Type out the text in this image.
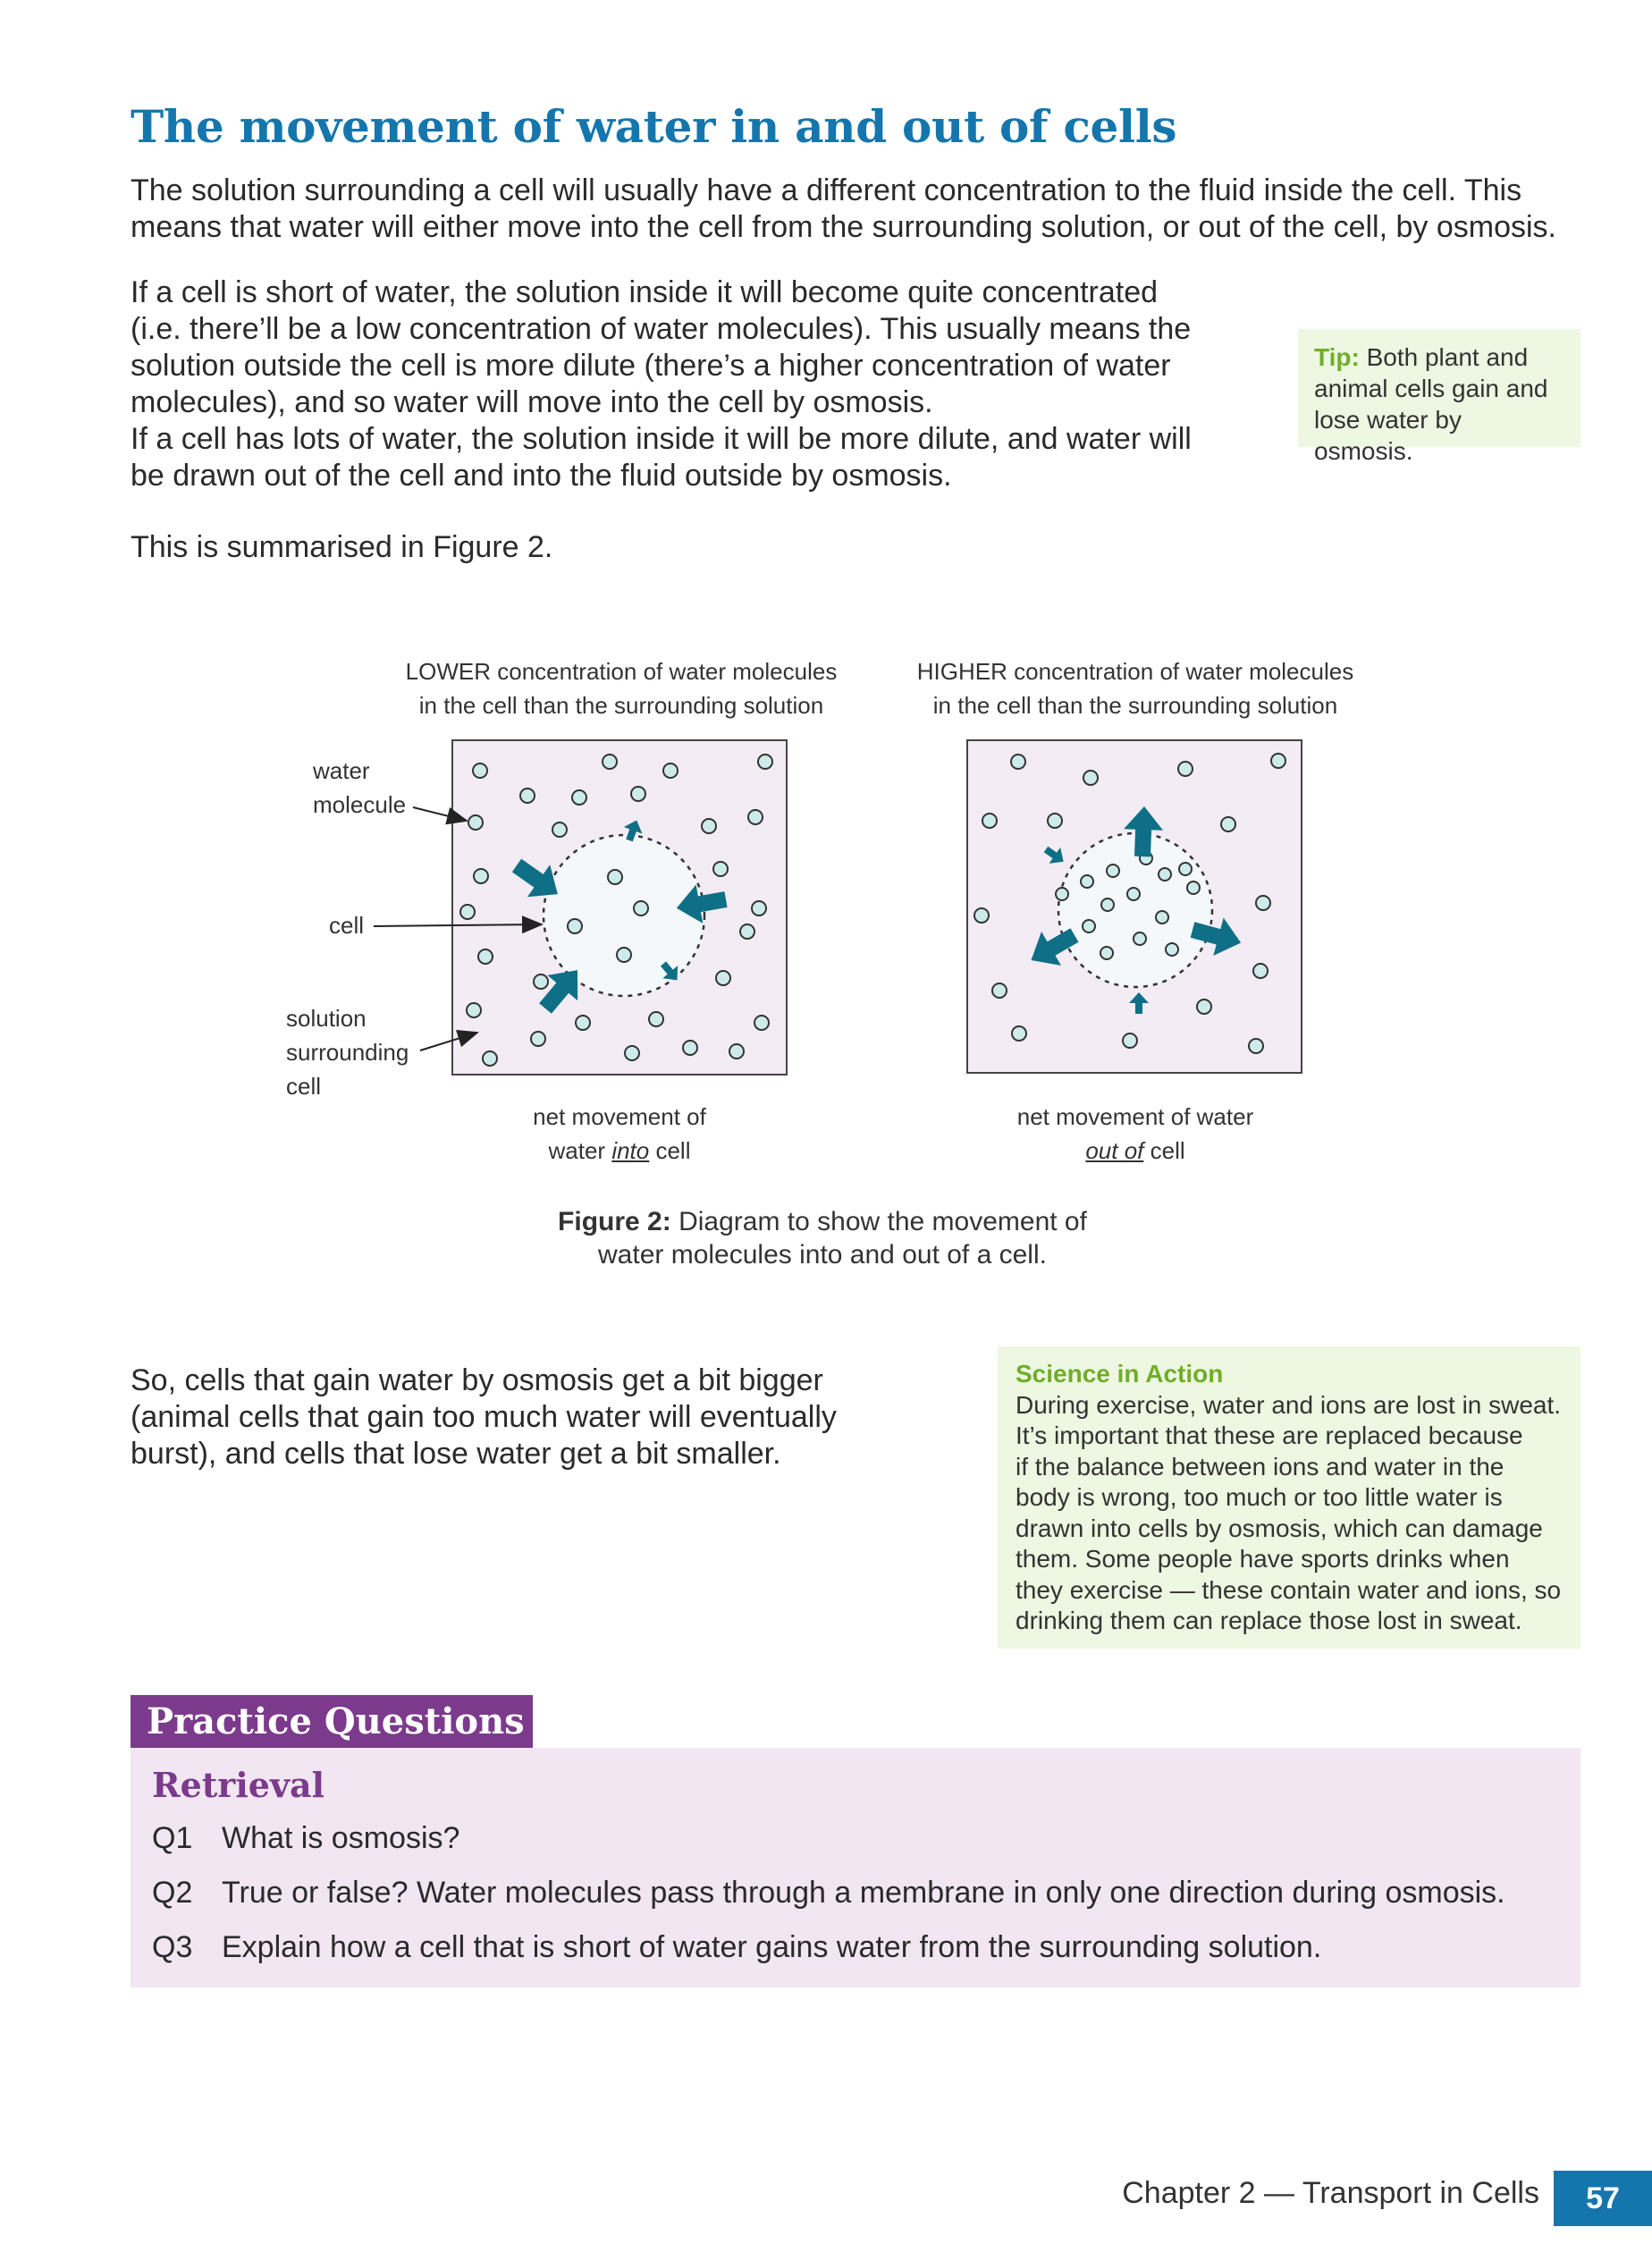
The movement of water in and out of cells

The solution surrounding a cell will usually have a different concentration to the fluid inside the cell. This

means that water will either move into the cell from the surrounding solution, or out of the cell, by osmosis.

If a cell is short of water, the solution inside it will become quite concentrated

(i.e. there’ll be a low concentration of water molecules). This usually means the

solution outside the cell is more dilute (there’s a higher concentration of water

molecules), and so water will move into the cell by osmosis.

If a cell has lots of water, the solution inside it will be more dilute, and water will

be drawn out of the cell and into the fluid outside by osmosis.

This is summarised in Figure 2.

Tip: Both plant and
animal cells gain and
lose water by osmosis.
LOWER concentration of water molecules
in the cell than the surrounding solution
HIGHER concentration of water molecules
in the cell than the surrounding solution
water
molecule
cell
solution
surrounding
cell
net movement of
water into cell
net movement of water
out of cell
Figure 2: Diagram to show the movement of
water molecules into and out of a cell.

So, cells that gain water by osmosis get a bit bigger

(animal cells that gain too much water will eventually

burst), and cells that lose water get a bit smaller.

Science in Action
During exercise, water and ions are lost in sweat.
It’s important that these are replaced because
if the balance between ions and water in the
body is wrong, too much or too little water is
drawn into cells by osmosis, which can damage
them. Some people have sports drinks when
they exercise — these contain water and ions, so
drinking them can replace those lost in sweat.
Practice Questions
Retrieval
Q1 What is osmosis?
Q2 True or false? Water molecules pass through a membrane in only one direction during osmosis.
Q3 Explain how a cell that is short of water gains water from the surrounding solution.
Chapter 2 — Transport in Cells	57
